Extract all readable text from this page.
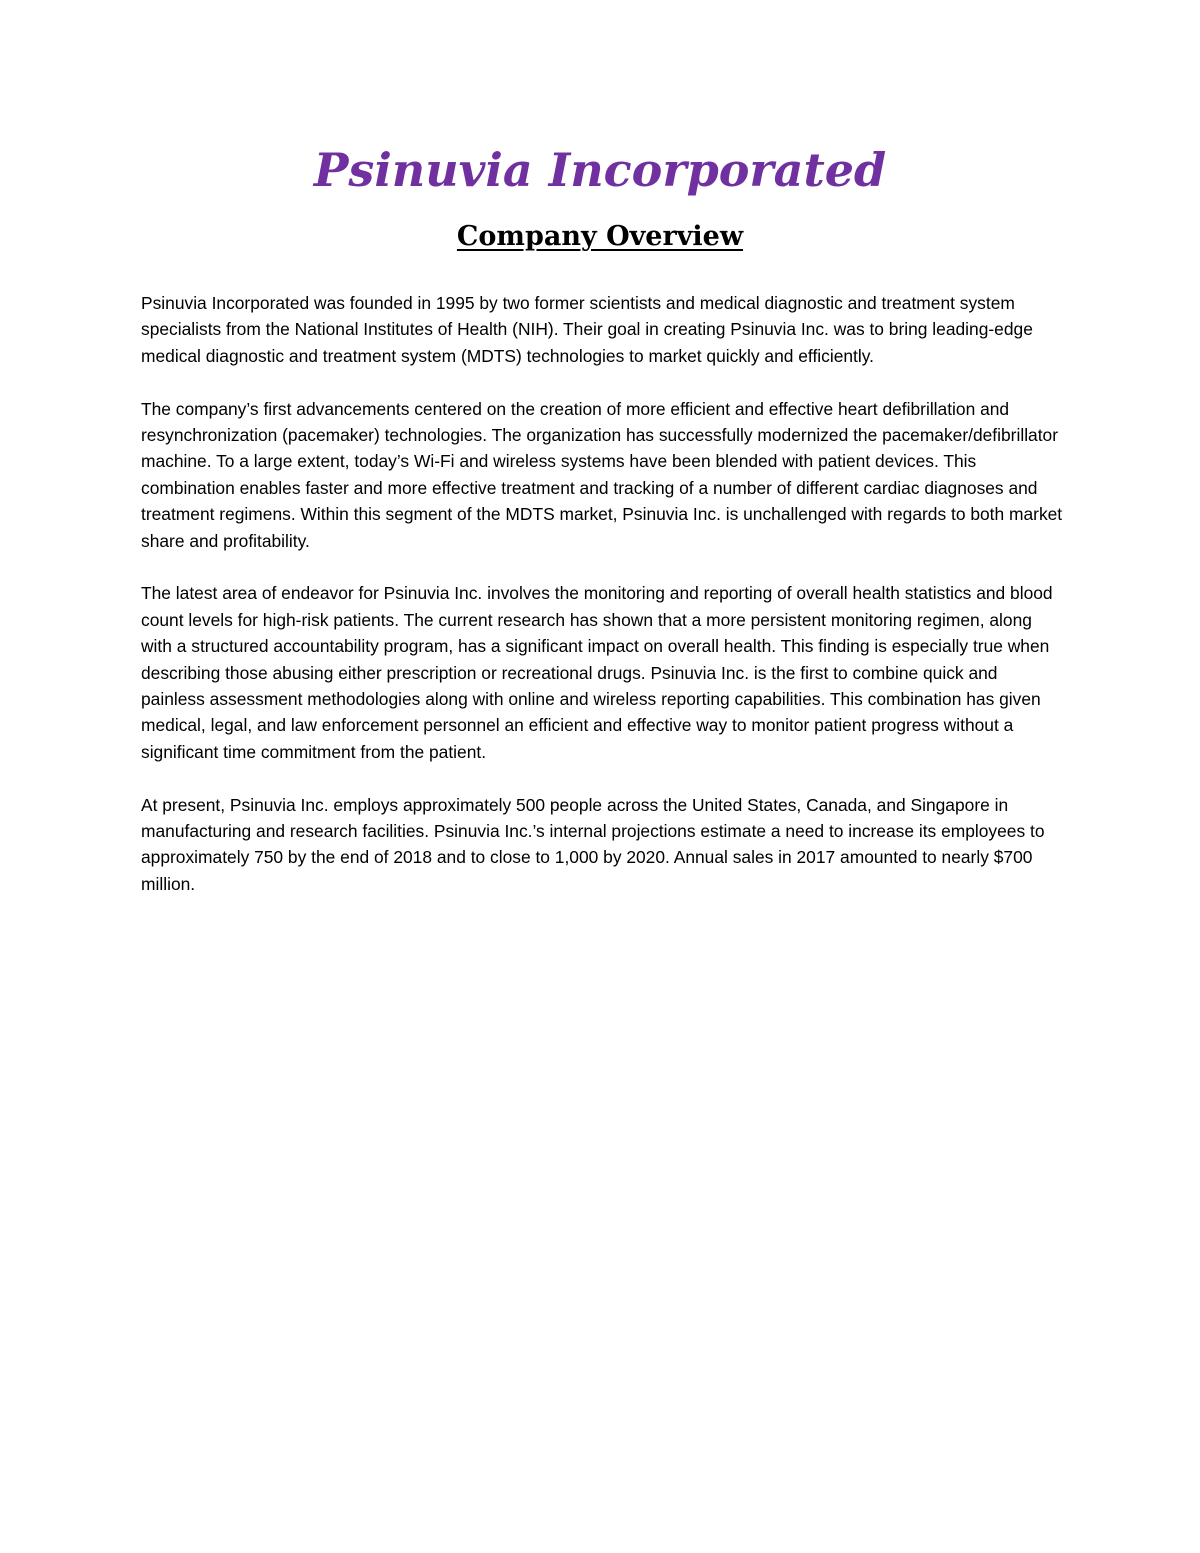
Psinuvia Incorporated
Company Overview

Psinuvia Incorporated was founded in 1995 by two former scientists and medical diagnostic and treatment system specialists from the National Institutes of Health (NIH). Their goal in creating Psinuvia Inc. was to bring leading-edge medical diagnostic and treatment system (MDTS) technologies to market quickly and efficiently.

The company’s first advancements centered on the creation of more efficient and effective heart defibrillation and resynchronization (pacemaker) technologies. The organization has successfully modernized the pacemaker/defibrillator machine. To a large extent, today’s Wi-Fi and wireless systems have been blended with patient devices. This combination enables faster and more effective treatment and tracking of a number of different cardiac diagnoses and treatment regimens. Within this segment of the MDTS market, Psinuvia Inc. is unchallenged with regards to both market share and profitability.

The latest area of endeavor for Psinuvia Inc. involves the monitoring and reporting of overall health statistics and blood count levels for high-risk patients. The current research has shown that a more persistent monitoring regimen, along with a structured accountability program, has a significant impact on overall health. This finding is especially true when describing those abusing either prescription or recreational drugs. Psinuvia Inc. is the first to combine quick and painless assessment methodologies along with online and wireless reporting capabilities. This combination has given medical, legal, and law enforcement personnel an efficient and effective way to monitor patient progress without a significant time commitment from the patient.

At present, Psinuvia Inc. employs approximately 500 people across the United States, Canada, and Singapore in manufacturing and research facilities. Psinuvia Inc.’s internal projections estimate a need to increase its employees to approximately 750 by the end of 2018 and to close to 1,000 by 2020. Annual sales in 2017 amounted to nearly $700 million.
